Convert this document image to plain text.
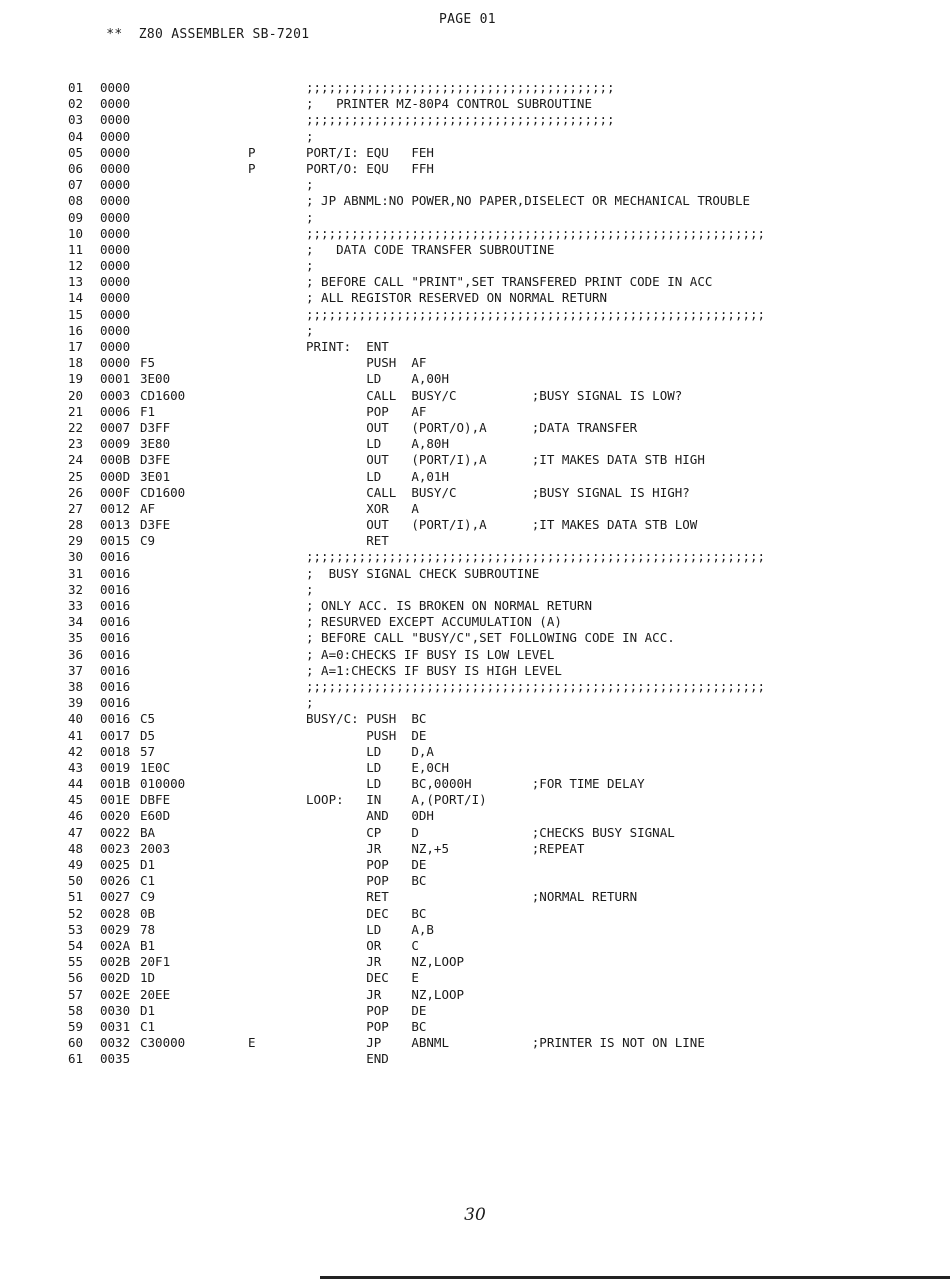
**  Z80 ASSEMBLER SB-7201

PAGE 01

01 0000	;;;;;;;;;;;;;;;;;;;;;;;;;;;;;;;;;;;;;;;;;
02 0000	;   PRINTER MZ-80P4 CONTROL SUBROUTINE
03 0000	;;;;;;;;;;;;;;;;;;;;;;;;;;;;;;;;;;;;;;;;;
04 0000	;
05 0000	P	PORT/I: EQU   FEH
06 0000	P	PORT/O: EQU   FFH
07 0000	;
08 0000	; JP ABNML:NO POWER,NO PAPER,DISELECT OR MECHANICAL TROUBLE
09 0000	;
10 0000	;;;;;;;;;;;;;;;;;;;;;;;;;;;;;;;;;;;;;;;;;;;;;;;;;;;;;;;;;;;;;
11 0000	;   DATA CODE TRANSFER SUBROUTINE
12 0000	;
13 0000	; BEFORE CALL "PRINT",SET TRANSFERED PRINT CODE IN ACC
14 0000	; ALL REGISTOR RESERVED ON NORMAL RETURN
15 0000	;;;;;;;;;;;;;;;;;;;;;;;;;;;;;;;;;;;;;;;;;;;;;;;;;;;;;;;;;;;;;
16 0000	;
17 0000	PRINT:  ENT
18 0000 F5	PUSH  AF
19 0001 3E00	LD    A,00H
20 0003 CD1600	CALL  BUSY/C          ;BUSY SIGNAL IS LOW?
21 0006 F1	POP   AF
22 0007 D3FF	OUT   (PORT/O),A      ;DATA TRANSFER
23 0009 3E80	LD    A,80H
24 000B D3FE	OUT   (PORT/I),A      ;IT MAKES DATA STB HIGH
25 000D 3E01	LD    A,01H
26 000F CD1600	CALL  BUSY/C          ;BUSY SIGNAL IS HIGH?
27 0012 AF	XOR   A
28 0013 D3FE	OUT   (PORT/I),A      ;IT MAKES DATA STB LOW
29 0015 C9	RET
30 0016	;;;;;;;;;;;;;;;;;;;;;;;;;;;;;;;;;;;;;;;;;;;;;;;;;;;;;;;;;;;;;
31 0016	;  BUSY SIGNAL CHECK SUBROUTINE
32 0016	;
33 0016	; ONLY ACC. IS BROKEN ON NORMAL RETURN
34 0016	; RESURVED EXCEPT ACCUMULATION (A)
35 0016	; BEFORE CALL "BUSY/C",SET FOLLOWING CODE IN ACC.
36 0016	; A=0:CHECKS IF BUSY IS LOW LEVEL
37 0016	; A=1:CHECKS IF BUSY IS HIGH LEVEL
38 0016	;;;;;;;;;;;;;;;;;;;;;;;;;;;;;;;;;;;;;;;;;;;;;;;;;;;;;;;;;;;;;
39 0016	;
40 0016 C5	BUSY/C: PUSH  BC
41 0017 D5	PUSH  DE
42 0018 57	LD    D,A
43 0019 1E0C	LD    E,0CH
44 001B 010000	LD    BC,0000H        ;FOR TIME DELAY
45 001E DBFE	LOOP:   IN    A,(PORT/I)
46 0020 E60D	AND   0DH
47 0022 BA	CP    D               ;CHECKS BUSY SIGNAL
48 0023 2003	JR    NZ,+5           ;REPEAT
49 0025 D1	POP   DE
50 0026 C1	POP   BC
51 0027 C9	RET                   ;NORMAL RETURN
52 0028 0B	DEC   BC
53 0029 78	LD    A,B
54 002A B1	OR    C
55 002B 20F1	JR    NZ,LOOP
56 002D 1D	DEC   E
57 002E 20EE	JR    NZ,LOOP
58 0030 D1	POP   DE
59 0031 C1	POP   BC
60 0032 C30000	E	JP    ABNML           ;PRINTER IS NOT ON LINE
61 0035	END
30
